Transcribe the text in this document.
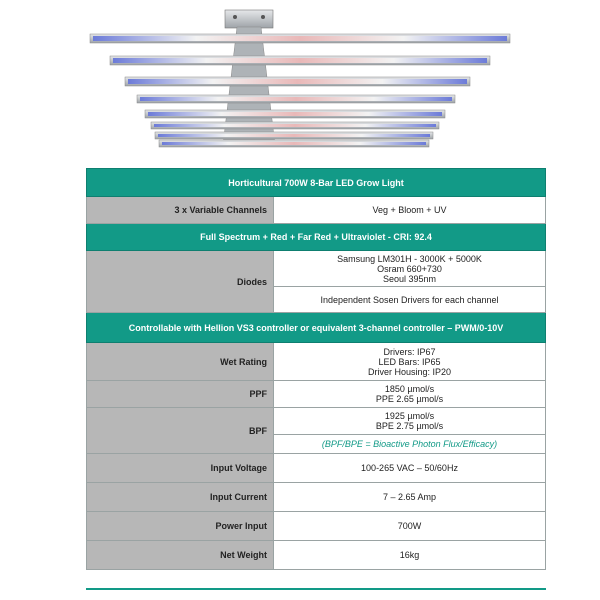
Horticultural 700W 8-Bar LED Grow Light	
3 x Variable Channels	Veg + Bloom + UV
Full Spectrum + Red + Far Red + Ultraviolet - CRI: 92.4	
Diodes	Samsung LM301H - 3000K + 5000K
Osram 660+730
Seoul 395nm

	Independent Sosen Drivers for each channel
Controllable with Hellion VS3 controller or equivalent 3-channel controller – PWM/0-10V	
Wet Rating	Drivers: IP67
LED Bars: IP65
Driver Housing: IP20

PPF	1850 µmol/s
PPE 2.65 µmol/s

BPF	1925 µmol/s
BPE 2.75 µmol/s

	(BPF/BPE = Bioactive Photon Flux/Efficacy)
Input Voltage	100-265 VAC – 50/60Hz
Input Current	7 – 2.65 Amp
Power Input	700W
Net Weight	16kg
